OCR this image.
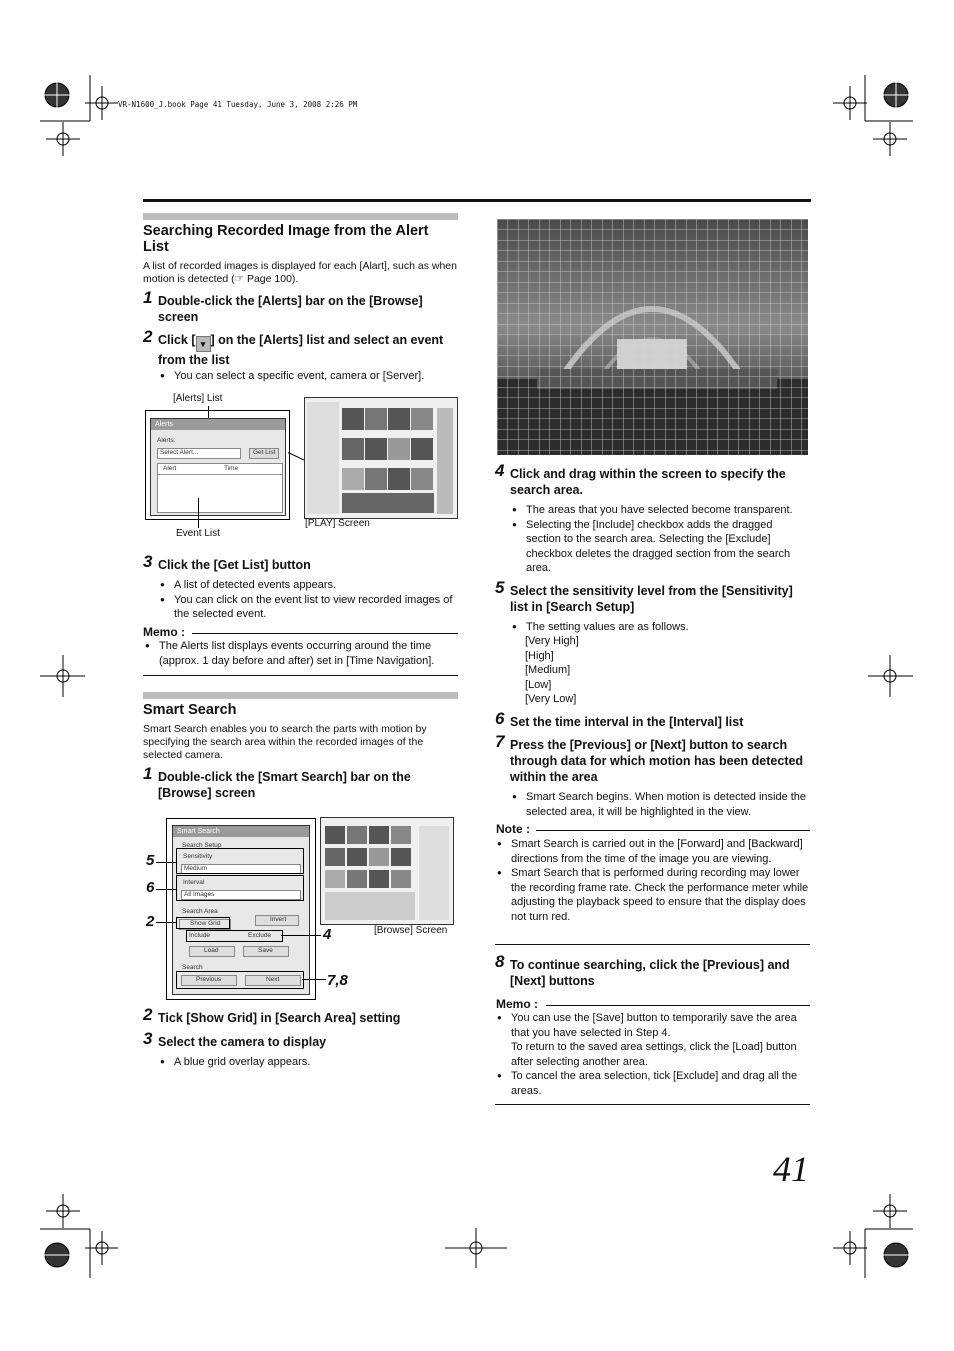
VR-N1600_J.book Page 41 Tuesday, June 3, 2008 2:26 PM
Searching Recorded Image from the Alert List

A list of recorded images is displayed for each [Alart], such as when motion is detected (☞ Page 100).

1 Double-click the [Alerts] bar on the [Browse] screen
2 Click [ ▾ ] on the [Alerts] list and select an event from the list
● You can select a specific event, camera or [Server].
[Alerts] List
Alerts
Alerts:
Select Alert...	Get List
Alert	Time
Event List
[PLAY] Screen
3 Click the [Get List] button
● A list of detected events appears.
● You can click on the event list to view recorded images of the selected event.
Memo :
● The Alerts list displays events occurring around the time (approx. 1 day before and after) set in [Time Navigation].
Smart Search

Smart Search enables you to search the parts with motion by specifying the search area within the recorded images of the selected camera.

1 Double-click the [Smart Search] bar on the [Browse] screen
Smart Search
Search Setup
Sensitivity
Medium
Interval
All Images
Search Area
Show Grid
Invert
Include	Exclude
Load	Save
Search
Previous	Next
5
6
2
4
7,8
[Browse] Screen
2 Tick [Show Grid] in [Search Area] setting
3 Select the camera to display
● A blue grid overlay appears.
4 Click and drag within the screen to specify the search area.
● The areas that you have selected become transparent.
● Selecting the [Include] checkbox adds the dragged section to the search area. Selecting the [Exclude] checkbox deletes the dragged section from the search area.
5 Select the sensitivity level from the [Sensitivity] list in [Search Setup]
● The setting values are as follows.
[Very High]
[High]
[Medium]
[Low]
[Very Low]
6 Set the time interval in the [Interval] list
7 Press the [Previous] or [Next] button to search through data for which motion has been detected within the area
● Smart Search begins. When motion is detected inside the selected area, it will be highlighted in the view.
Note :
● Smart Search is carried out in the [Forward] and [Backward] directions from the time of the image you are viewing.
● Smart Search that is performed during recording may lower the recording frame rate. Check the performance meter while adjusting the playback speed to ensure that the display does not turn red.
8 To continue searching, click the [Previous] and [Next] buttons
Memo :
● You can use the [Save] button to temporarily save the area that you have selected in Step 4.
To return to the saved area settings, click the [Load] button after selecting another area.
● To cancel the area selection, tick [Exclude] and drag all the areas.
41
